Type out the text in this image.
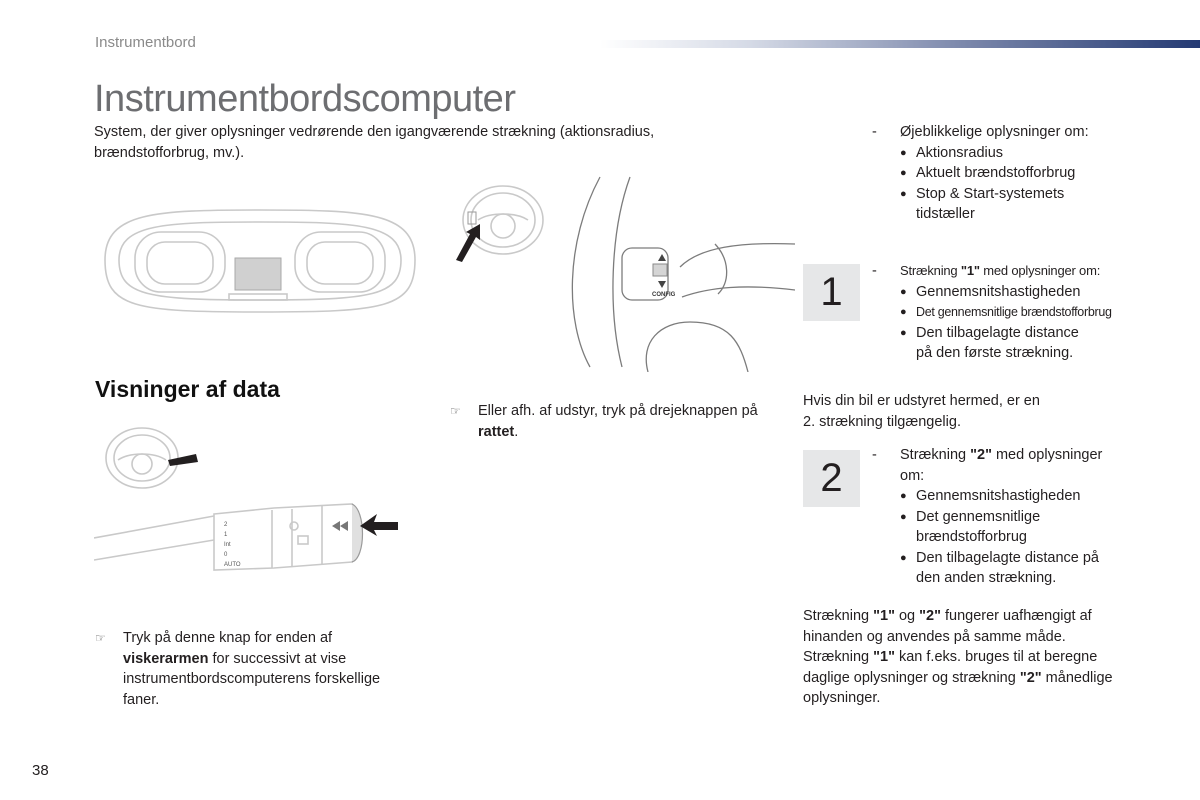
Instrumentbord
Instrumentbordscomputer
System, der giver oplysninger vedrørende den igangværende strækning (aktionsradius, brændstofforbrug, mv.).
CONFIG	1
2
Visninger af data
2
1
Int
0
AUTO
☞	Eller afh. af udstyr, tryk på drejeknappen på rattet.
☞	Tryk på denne knap for enden af viskerarmen for successivt at vise instrumentbordscomputerens forskellige faner.
-	Øjeblikkelige oplysninger om:
● Aktionsradius
● Aktuelt brændstofforbrug
● Stop & Start-systemets tidstæller
-	Strækning "1" med oplysninger om:
● Gennemsnitshastigheden
● Det gennemsnitlige brændstofforbrug
● Den tilbagelagte distance på den første strækning.
Hvis din bil er udstyret hermed, er en 2. strækning tilgængelig.
-	Strækning "2" med oplysninger om:
● Gennemsnitshastigheden
● Det gennemsnitlige brændstofforbrug
● Den tilbagelagte distance på den anden strækning.
Strækning "1" og "2" fungerer uafhængigt af hinanden og anvendes på samme måde. Strækning "1" kan f.eks. bruges til at beregne daglige oplysninger og strækning "2" månedlige oplysninger.
38
